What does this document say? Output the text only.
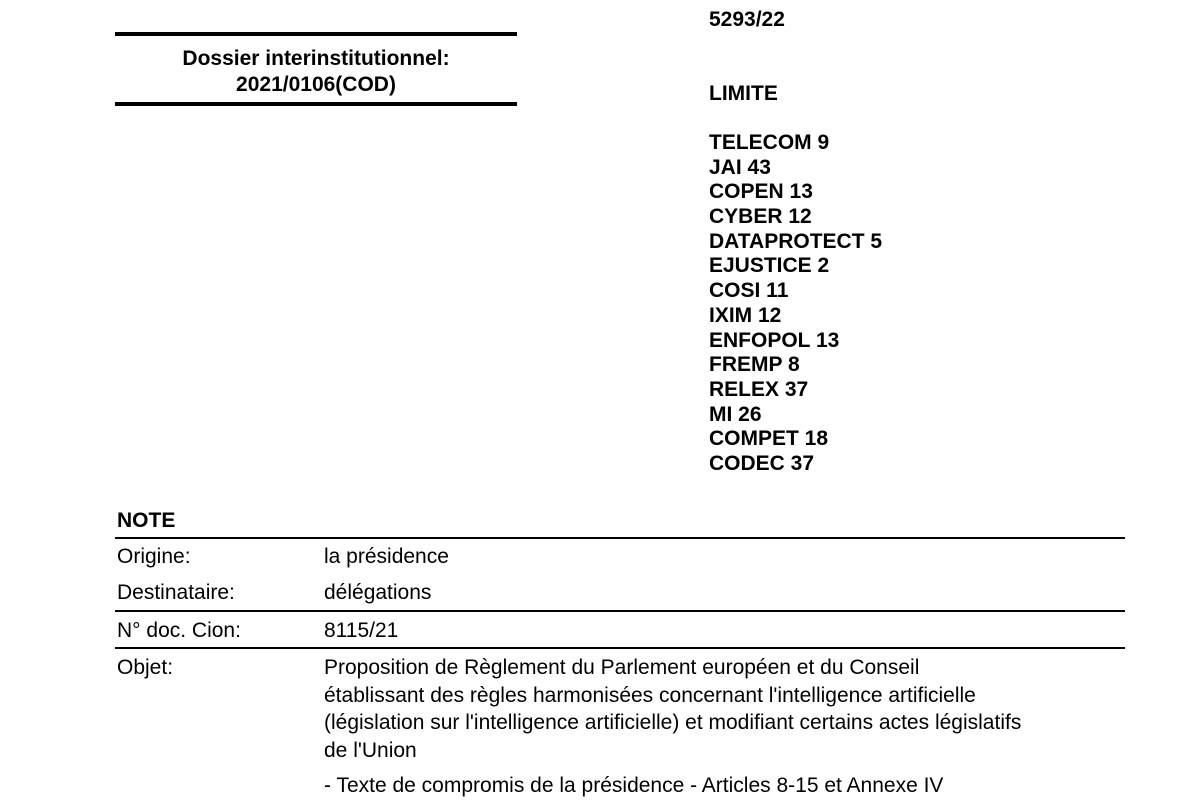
Dossier interinstitutionnel:
2021/0106(COD)
5293/22
LIMITE
TELECOM 9
JAI 43
COPEN 13
CYBER 12
DATAPROTECT 5
EJUSTICE 2
COSI 11
IXIM 12
ENFOPOL 13
FREMP 8
RELEX 37
MI 26
COMPET 18
CODEC 37
NOTE
Origine:	la présidence
Destinataire:	délégations
N° doc. Cion:	8115/21
Objet:	Proposition de Règlement du Parlement européen et du Conseil
établissant des règles harmonisées concernant l'intelligence artificielle
(législation sur l'intelligence artificielle) et modifiant certains actes législatifs
de l'Union
- Texte de compromis de la présidence - Articles 8-15 et Annexe IV
